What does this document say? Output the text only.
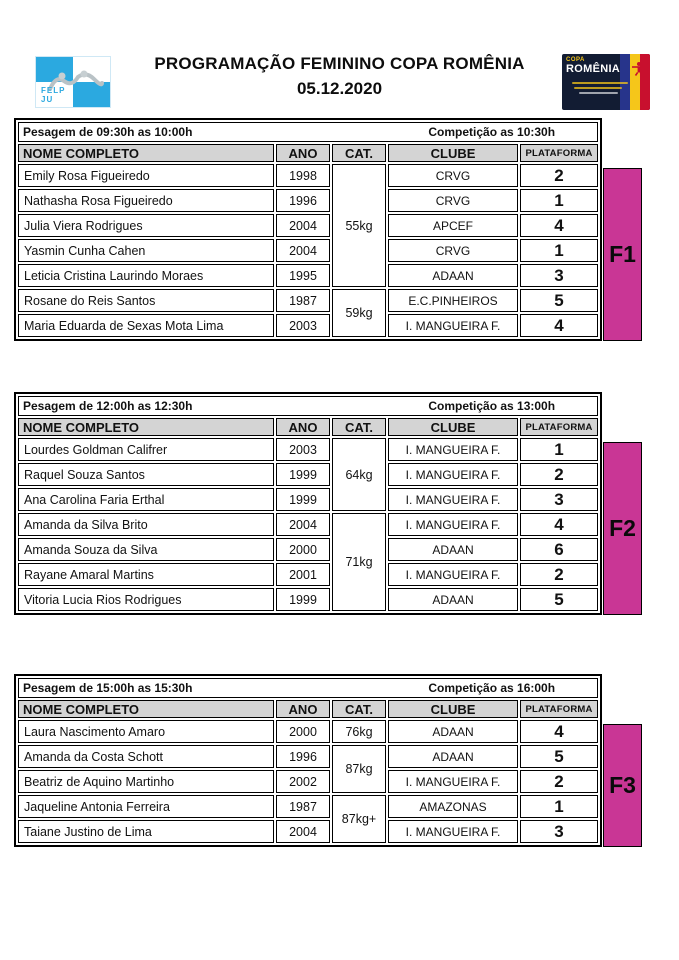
FELP JU
PROGRAMAÇÃO FEMININO COPA ROMÊNIA
05.12.2020
COPA
ROMÊNIA
Pesagem de 09:30h as 10:00h Competição as 10:30h				

NOME COMPLETO	ANO	CAT.	CLUBE	PLATAFORMA
Emily Rosa Figueiredo	1998	55kg	CRVG	2
Nathasha Rosa Figueiredo	1996		CRVG	1
Julia Viera Rodrigues	2004		APCEF	4
Yasmin Cunha Cahen	2004		CRVG	1
Leticia Cristina Laurindo Moraes	1995		ADAAN	3
Rosane do Reis Santos	1987	59kg	E.C.PINHEIROS	5
Maria Eduarda de Sexas Mota Lima	2003		I. MANGUEIRA F.	4
F1
Pesagem de 12:00h as 12:30h Competição as 13:00h				

NOME COMPLETO	ANO	CAT.	CLUBE	PLATAFORMA
Lourdes Goldman Califrer	2003	64kg	I. MANGUEIRA F.	1
Raquel Souza Santos	1999		I. MANGUEIRA F.	2
Ana Carolina Faria Erthal	1999		I. MANGUEIRA F.	3
Amanda da Silva Brito	2004	71kg	I. MANGUEIRA F.	4
Amanda Souza da Silva	2000		ADAAN	6
Rayane Amaral Martins	2001		I. MANGUEIRA F.	2
Vitoria Lucia Rios Rodrigues	1999		ADAAN	5
F2
Pesagem de 15:00h as 15:30h Competição as 16:00h				

NOME COMPLETO	ANO	CAT.	CLUBE	PLATAFORMA
Laura Nascimento Amaro	2000	76kg	ADAAN	4
Amanda da Costa Schott	1996	87kg	ADAAN	5
Beatriz de Aquino Martinho	2002		I. MANGUEIRA F.	2
Jaqueline Antonia Ferreira	1987	87kg+	AMAZONAS	1
Taiane Justino de Lima	2004		I. MANGUEIRA F.	3
F3
